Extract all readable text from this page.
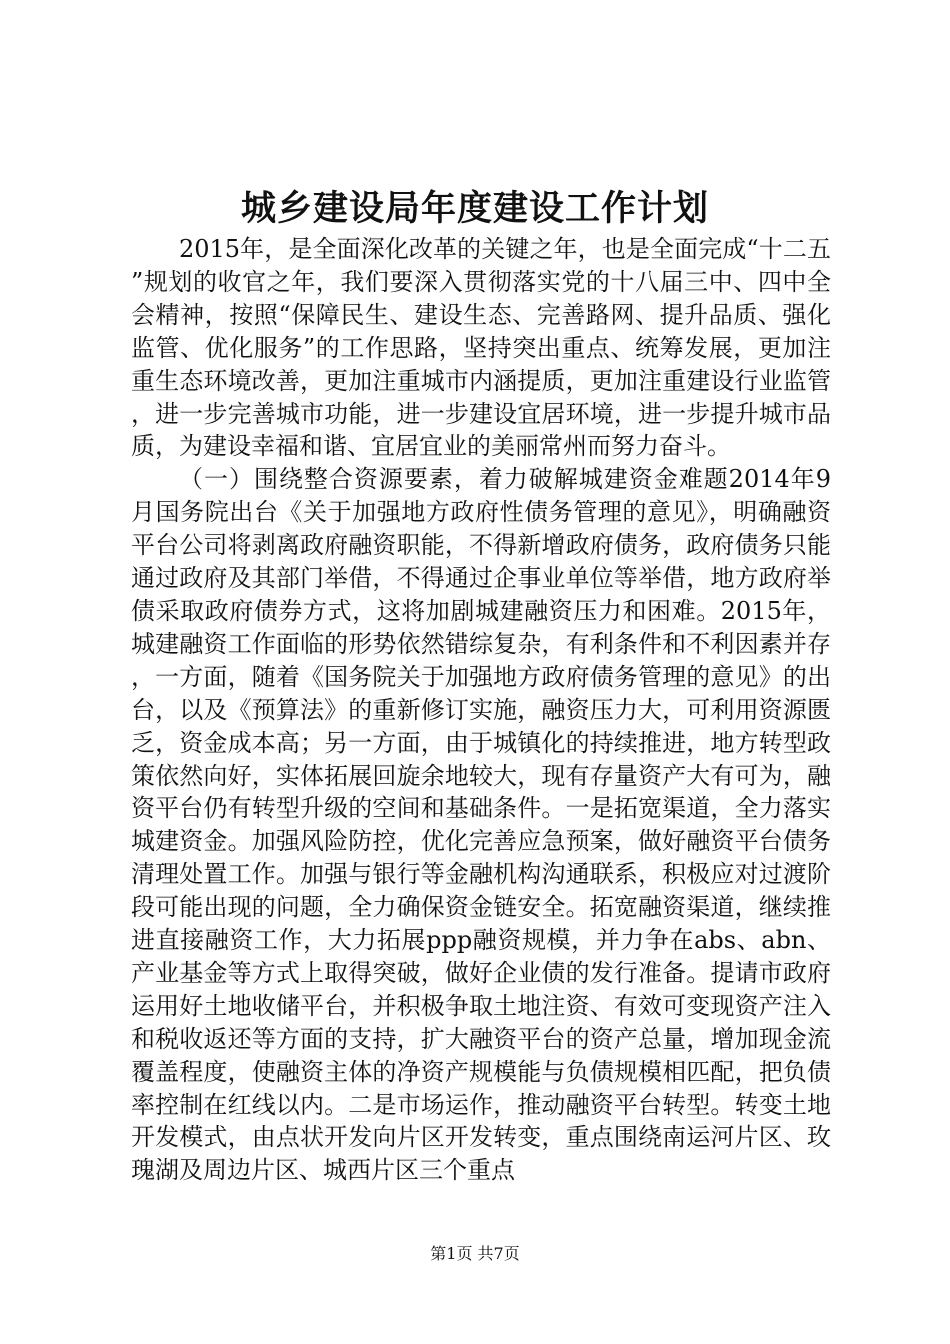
城乡建设局年度建设工作计划

2015年，是全面深化改革的关键之年，也是全面完成“十二五”规划的收官之年，我们要深入贯彻落实党的十八届三中、四中全会精神，按照“保障民生、建设生态、完善路网、提升品质、强化监管、优化服务”的工作思路，坚持突出重点、统筹发展，更加注重生态环境改善，更加注重城市内涵提质，更加注重建设行业监管，进一步完善城市功能，进一步建设宜居环境，进一步提升城市品质，为建设幸福和谐、宜居宜业的美丽常州而努力奋斗。

（一）围绕整合资源要素，着力破解城建资金难题2014年9月国务院出台《关于加强地方政府性债务管理的意见》，明确融资平台公司将剥离政府融资职能，不得新增政府债务，政府债务只能通过政府及其部门举借，不得通过企事业单位等举借，地方政府举债采取政府债券方式，这将加剧城建融资压力和困难。2015年，城建融资工作面临的形势依然错综复杂，有利条件和不利因素并存，一方面，随着《国务院关于加强地方政府债务管理的意见》的出台，以及《预算法》的重新修订实施，融资压力大，可利用资源匮乏，资金成本高；另一方面，由于城镇化的持续推进，地方转型政策依然向好，实体拓展回旋余地较大，现有存量资产大有可为，融资平台仍有转型升级的空间和基础条件。一是拓宽渠道，全力落实城建资金。加强风险防控，优化完善应急预案，做好融资平台债务清理处置工作。加强与银行等金融机构沟通联系，积极应对过渡阶段可能出现的问题，全力确保资金链安全。拓宽融资渠道，继续推进直接融资工作，大力拓展ppp融资规模，并力争在abs、abn、产业基金等方式上取得突破，做好企业债的发行准备。提请市政府运用好土地收储平台，并积极争取土地注资、有效可变现资产注入和税收返还等方面的支持，扩大融资平台的资产总量，增加现金流覆盖程度，使融资主体的净资产规模能与负债规模相匹配，把负债率控制在红线以内。二是市场运作，推动融资平台转型。转变土地开发模式，由点状开发向片区开发转变，重点围绕南运河片区、玫瑰湖及周边片区、城西片区三个重点

第1页 共7页
